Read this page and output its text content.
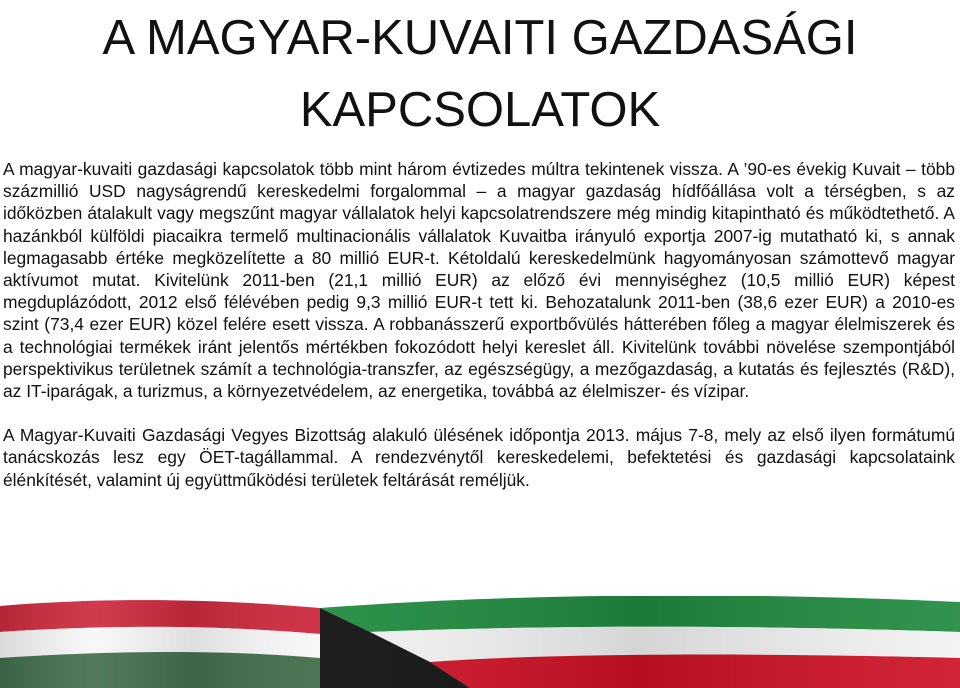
A MAGYAR-KUVAITI GAZDASÁGI KAPCSOLATOK

A magyar-kuvaiti gazdasági kapcsolatok több mint három évtizedes múltra tekintenek vissza. A ’90-es évekig Kuvait – több százmillió USD nagyságrendű kereskedelmi forgalommal – a magyar gazdaság hídfőállása volt a térségben, s az időközben átalakult vagy megszűnt magyar vállalatok helyi kapcsolatrendszere még mindig kitapintható és működtethető. A hazánkból külföldi piacaikra termelő multinacionális vállalatok Kuvaitba irányuló exportja 2007-ig mutatható ki, s annak legmagasabb értéke megközelítette a 80 millió EUR-t. Kétoldalú kereskedelmünk hagyományosan számottevő magyar aktívumot mutat. Kivitelünk 2011-ben (21,1 millió EUR) az előző évi mennyiséghez (10,5 millió EUR) képest megduplázódott, 2012 első félévében pedig 9,3 millió EUR-t tett ki. Behozatalunk 2011-ben (38,6 ezer EUR) a 2010-es szint (73,4 ezer EUR) közel felére esett vissza. A robbanásszerű exportbővülés hátterében főleg a magyar élelmiszerek és a technológiai termékek iránt jelentős mértékben fokozódott helyi kereslet áll. Kivitelünk további növelése szempontjából perspektivikus területnek számít a technológia-transzfer, az egészségügy, a mezőgazdaság, a kutatás és fejlesztés (R&D), az IT-iparágak, a turizmus, a környezetvédelem, az energetika, továbbá az élelmiszer- és vízipar.

A Magyar-Kuvaiti Gazdasági Vegyes Bizottság alakuló ülésének időpontja 2013. május 7-8, mely az első ilyen formátumú tanácskozás lesz egy ÖET-tagállammal. A rendezvénytől kereskedelemi, befektetési és gazdasági kapcsolataink élénkítését, valamint új együttműködési területek feltárását reméljük.
